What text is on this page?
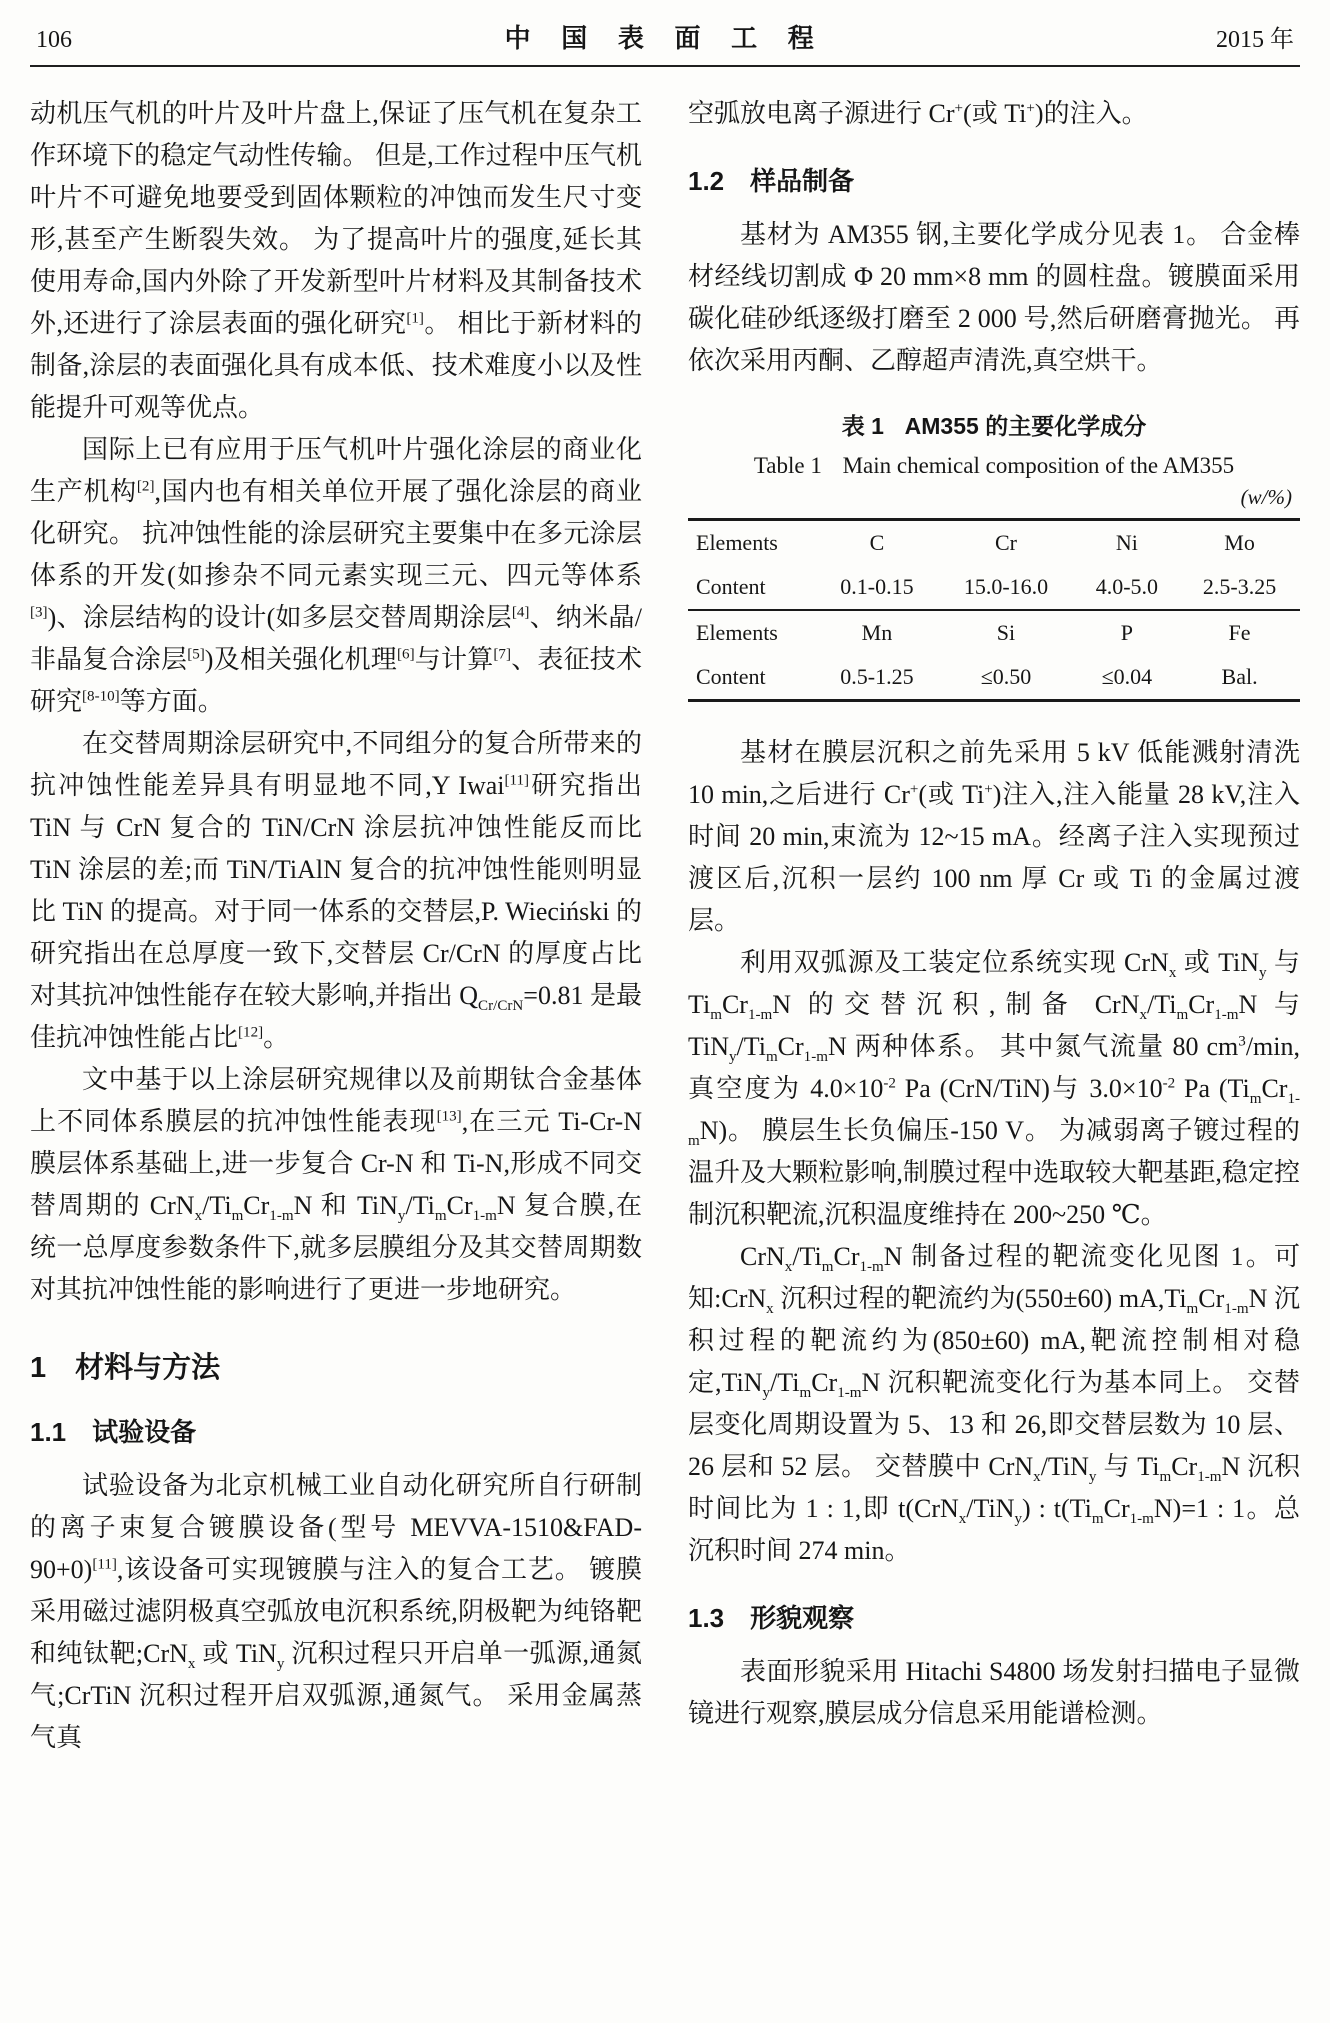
106	中 国 表 面 工 程	2015 年

动机压气机的叶片及叶片盘上,保证了压气机在复杂工作环境下的稳定气动性传输。 但是,工作过程中压气机叶片不可避免地要受到固体颗粒的冲蚀而发生尺寸变形,甚至产生断裂失效。 为了提高叶片的强度,延长其使用寿命,国内外除了开发新型叶片材料及其制备技术外,还进行了涂层表面的强化研究[1]。 相比于新材料的制备,涂层的表面强化具有成本低、技术难度小以及性能提升可观等优点。

国际上已有应用于压气机叶片强化涂层的商业化生产机构[2],国内也有相关单位开展了强化涂层的商业化研究。 抗冲蚀性能的涂层研究主要集中在多元涂层体系的开发(如掺杂不同元素实现三元、四元等体系[3])、涂层结构的设计(如多层交替周期涂层[4]、纳米晶/非晶复合涂层[5])及相关强化机理[6]与计算[7]、表征技术研究[8-10]等方面。

在交替周期涂层研究中,不同组分的复合所带来的抗冲蚀性能差异具有明显地不同,Y Iwai[11]研究指出 TiN 与 CrN 复合的 TiN/CrN 涂层抗冲蚀性能反而比 TiN 涂层的差;而 TiN/TiAlN 复合的抗冲蚀性能则明显比 TiN 的提高。对于同一体系的交替层,P. Wieciński 的研究指出在总厚度一致下,交替层 Cr/CrN 的厚度占比对其抗冲蚀性能存在较大影响,并指出 $Q_{Cr/CrN}=0.81$ 是最佳抗冲蚀性能占比[12]。

文中基于以上涂层研究规律以及前期钛合金基体上不同体系膜层的抗冲蚀性能表现[13],在三元 Ti-Cr-N 膜层体系基础上,进一步复合 Cr-N 和 Ti-N,形成不同交替周期的 $CrN_x/Ti_mCr_{1-m}N$ 和 $TiN_y/Ti_mCr_{1-m}N$ 复合膜,在统一总厚度参数条件下,就多层膜组分及其交替周期数对其抗冲蚀性能的影响进行了更进一步地研究。

1 材料与方法
1.1 试验设备

试验设备为北京机械工业自动化研究所自行研制的离子束复合镀膜设备(型号 MEVVA-1510&FAD-90+0)[11],该设备可实现镀膜与注入的复合工艺。 镀膜采用磁过滤阴极真空弧放电沉积系统,阴极靶为纯铬靶和纯钛靶;CrN$_x$ 或 TiN$_y$ 沉积过程只开启单一弧源,通氮气;CrTiN 沉积过程开启双弧源,通氮气。 采用金属蒸气真

空弧放电离子源进行 Cr+(或 Ti+)的注入。

1.2 样品制备

基材为 AM355 钢,主要化学成分见表 1。 合金棒材经线切割成 Φ 20 mm×8 mm 的圆柱盘。镀膜面采用碳化硅砂纸逐级打磨至 2 000 号,然后研磨膏抛光。 再依次采用丙酮、乙醇超声清洗,真空烘干。

表 1 AM355 的主要化学成分
Table 1 Main chemical composition of the AM355
(w/%)
Elements	C	Cr	Ni	Mo
Content	0.1-0.15	15.0-16.0	4.0-5.0	2.5-3.25
Elements	Mn	Si	P	Fe
Content	0.5-1.25	≤0.50	≤0.04	Bal.

基材在膜层沉积之前先采用 5 kV 低能溅射清洗 10 min,之后进行 Cr+(或 Ti+)注入,注入能量 28 kV,注入时间 20 min,束流为 12~15 mA。经离子注入实现预过渡区后,沉积一层约 100 nm 厚 Cr 或 Ti 的金属过渡层。

利用双弧源及工装定位系统实现 CrN$_x$ 或 TiN$_y$ 与 $Ti_mCr_{1-m}N$ 的交替沉积,制备 $CrN_x/Ti_mCr_{1-m}N$ 与 $TiN_y/Ti_mCr_{1-m}N$ 两种体系。 其中氮气流量 80 $cm^3/\min$,真空度为 $4.0\times 10^{-2}$ Pa (CrN/TiN)与 $3.0\times 10^{-2}$ Pa $(Ti_mCr_{1-m}N)$。 膜层生长负偏压-150 V。 为减弱离子镀过程的温升及大颗粒影响,制膜过程中选取较大靶基距,稳定控制沉积靶流,沉积温度维持在 200~250 ℃。

$CrN_x/Ti_mCr_{1-m}N$ 制备过程的靶流变化见图 1。可知:CrN$_x$ 沉积过程的靶流约为(550±60) $mA,Ti_mCr_{1-m}N$ 沉积过程的靶流约为(850±60) mA,靶流控制相对稳定$,TiN_y/Ti_mCr_{1-m}N$ 沉积靶流变化行为基本同上。 交替层变化周期设置为 5、13 和 26,即交替层数为 10 层、26 层和 52 层。 交替膜中 CrN$_x$/TiN$_y$ 与 $Ti_mCr_{1-m}N$ 沉积时间比为 1 : 1,即 t(CrN$_x$/TiN$_y$) : $t(Ti_mCr_{1-m}N)=1$ : 1。总沉积时间 274 min。

1.3 形貌观察

表面形貌采用 Hitachi S4800 场发射扫描电子显微镜进行观察,膜层成分信息采用能谱检测。
